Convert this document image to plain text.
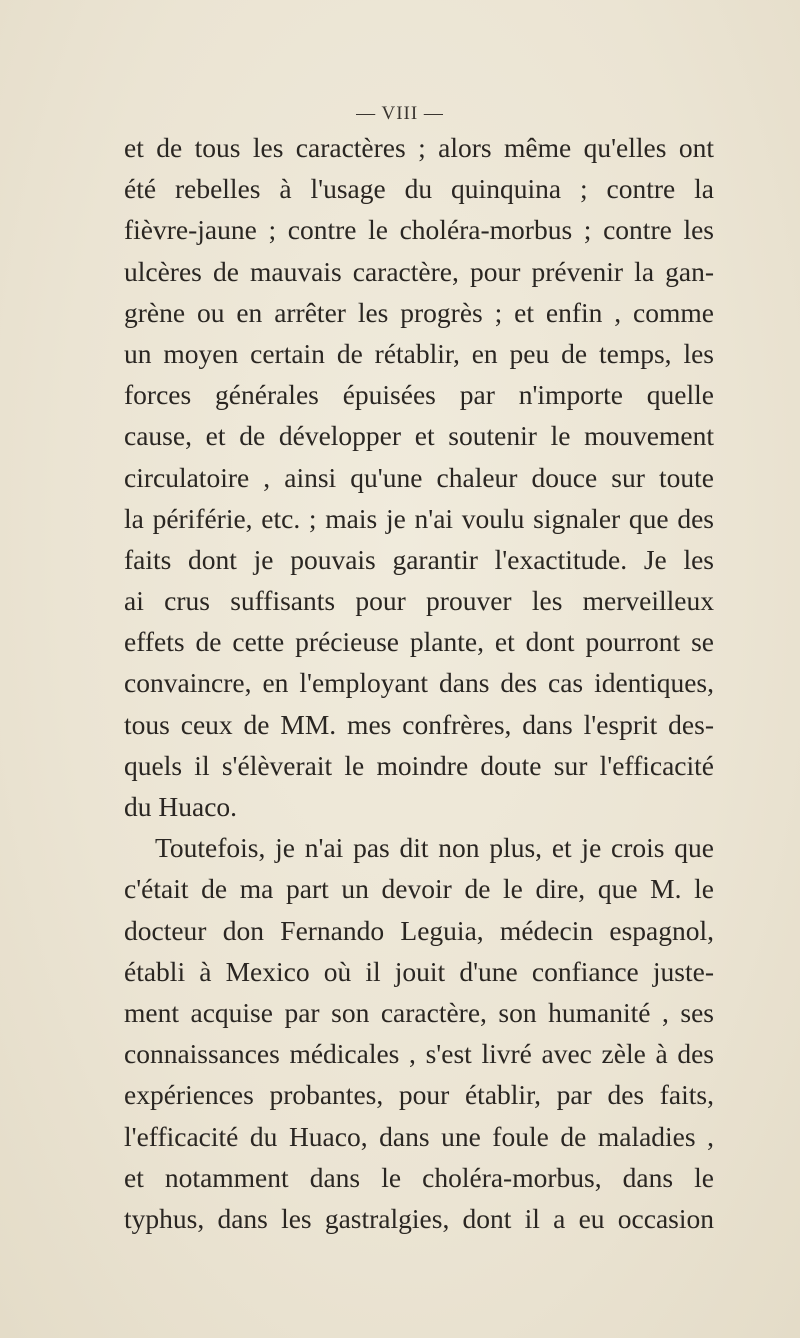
— VIII —
et de tous les caractères ; alors même qu'elles ont
été rebelles à l'usage du quinquina ; contre la
fièvre-jaune ; contre le choléra-morbus ; contre les
ulcères de mauvais caractère, pour prévenir la gan-
grène ou en arrêter les progrès ; et enfin , comme
un moyen certain de rétablir, en peu de temps, les
forces générales épuisées par n'importe quelle
cause, et de développer et soutenir le mouvement
circulatoire , ainsi qu'une chaleur douce sur toute
la périférie, etc. ; mais je n'ai voulu signaler que des
faits dont je pouvais garantir l'exactitude. Je les
ai crus suffisants pour prouver les merveilleux
effets de cette précieuse plante, et dont pourront se
convaincre, en l'employant dans des cas identiques,
tous ceux de MM. mes confrères, dans l'esprit des-
quels il s'élèverait le moindre doute sur l'efficacité
du Huaco.
Toutefois, je n'ai pas dit non plus, et je crois que
c'était de ma part un devoir de le dire, que M. le
docteur don Fernando Leguia, médecin espagnol,
établi à Mexico où il jouit d'une confiance juste-
ment acquise par son caractère, son humanité , ses
connaissances médicales , s'est livré avec zèle à des
expériences probantes, pour établir, par des faits,
l'efficacité du Huaco, dans une foule de maladies ,
et notamment dans le choléra-morbus, dans le
typhus, dans les gastralgies, dont il a eu occasion
